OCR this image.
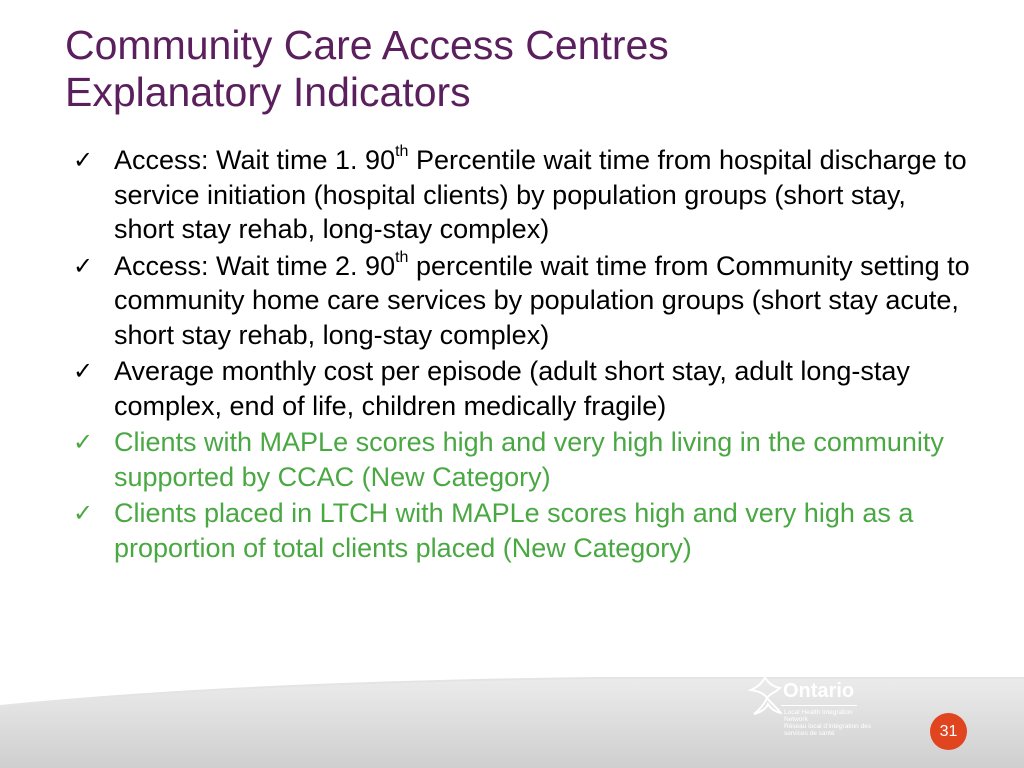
Community Care Access Centres
Explanatory Indicators
✓ Access: Wait time 1. 90th Percentile wait time from hospital discharge to service initiation (hospital clients) by population groups (short stay, short stay rehab, long-stay complex)
✓ Access: Wait time 2. 90th percentile wait time from Community setting to community home care services by population groups (short stay acute, short stay rehab, long-stay complex)
✓ Average monthly cost per episode (adult short stay, adult long-stay complex, end of life, children medically fragile)
✓ Clients with MAPLe scores high and very high living in the community supported by CCAC (New Category)
✓ Clients placed in LTCH with MAPLe scores high and very high as a proportion of total clients placed (New Category)
Ontario
Local Health Integration Network
Réseau local d’intégration des services de santé	31
